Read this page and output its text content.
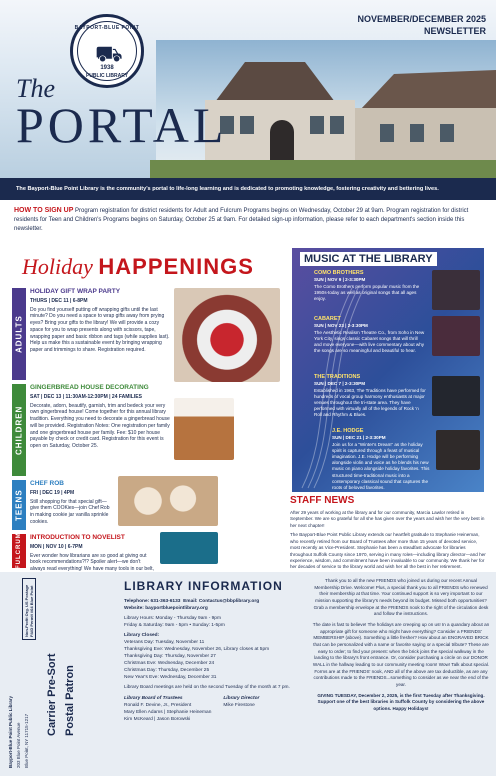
BAYPORT-BLUE POINT
⛟
1938
PUBLIC LIBRARY
The
PORTAL
NOVEMBER/DECEMBER 2025
NEWSLETTER
The Bayport-Blue Point Library is the community's portal to life-long learning and is dedicated to promoting knowledge, fostering creativity and bettering lives.
HOW TO SIGN UP Program registration for district residents for Adult and Fulcrum Programs begins on Wednesday, October 29 at 9am. Program registration for district residents for Teen and Children's Programs begins on Saturday, October 25 at 9am. For detailed sign-up information, please refer to each department's section inside this newsletter.
Holiday HAPPENINGS
ADULTS
CHILDREN
TEENS
FULCRUM
HOLIDAY GIFT WRAP PARTY
THURS | DEC 11 | 6-8PM
Do you find yourself putting off wrapping gifts until the last minute? Do you need a space to wrap gifts away from prying eyes? Bring your gifts to the library! We will provide a cozy space for you to wrap presents along with scissors, tape, wrapping paper and basic ribbon and tags (while supplies last). Help us make this a sustainable event by bringing wrapping paper and trimmings to share. Registration required.
GINGERBREAD HOUSE DECORATING
SAT | DEC 13 | 11:30AM-12:30PM | 24 FAMILIES
Decorate, adorn, beautify, garnish, trim and bedeck your very own gingerbread house! Come together for this annual library tradition. Everything you need to decorate a gingerbread house will be provided. Registration Notes: One registration per family and one gingerbread house per family. Fee: $10 per house payable by check or credit card. Registration for this event is open on Saturday, October 25.
CHEF ROB
FRI | DEC 19 | 4PM
Still shopping for that special gift—give them COOKies—join Chef Rob in making cookie jar vanilla sprinkle cookies.
INTRODUCTION TO NOVELIST
MON | NOV 10 | 6-7PM
Ever wonder how librarians are so good at giving out book recommendations?!? Spoiler alert—we don't always read everything! We have many tools in our belt,
MUSIC AT THE LIBRARY
COMO BROTHERS
SUN | NOV 9 | 2-3:30PM
The Como Brothers perform popular music from the 1950s-today as well as original songs that all ages enjoy.
CABARET
SUN | NOV 23 | 2-3:30PM
The Aesthetic Realism Theatre Co., from Soho in New York City, sings classic Cabaret songs that will thrill and move everyone—with live commentary about why the songs are so meaningful and beautiful to hear.
THE TRADITIONS
SUN | DEC 7 | 2-3:30PM
Established in 1963, The Traditions have performed for hundreds of vocal group harmony enthusiasts at major venues throughout the tri-state area. They have performed with virtually all of the legends of Rock 'n Roll and Rhythm & Blues.
J.E. HODGE
SUN | DEC 21 | 2-3:30PM
Join us for a "Winter's Dream" as the holiday spirit is captured through a feast of musical imagination. J.E. Hodge will be performing alongside violin and voice as he blends his new music on piano alongside holiday favorites. This structured time-traditional music into a contemporary classical sound that captures the roots of beloved favorites.
STAFF NEWS

After 29 years of working at the library and for our community, Marcia Lawlor retired in September. We are so grateful for all she has given over the years and wish her the very best in her next chapter!

The Bayport-Blue Point Public Library extends our heartfelt gratitude to Stephanie Heineman, who recently retired from our Board of Trustees after more than 15 years of devoted service, most recently as Vice-President. Stephanie has been a steadfast advocate for libraries throughout Suffolk County since 1970, serving in many roles—including library director—and her experience, wisdom, and commitment have been invaluable to our community. We thank her for her decades of service to the library world and wish her all the best in her retirement.

Bayport-Blue Point Public Library 203 Blue Point Avenue Blue Point, NY 11715-1217
Non-Profit Org. US Postage PAID Permit #64 Blue Point
Carrier Pre-Sort Postal Patron
LIBRARY INFORMATION
Telephone: 631-363-6133 Email: Contactus@bbplibrary.org
Website: bayportbluepointlibrary.org
Library Hours: Monday - Thursday 9am - 9pm
Friday & Saturday: 9am - 5pm • Sunday: 1-5pm
Library Closed:
Veterans Day: Tuesday, November 11
Thanksgiving Eve: Wednesday, November 26, Library closes at 5pm
Thanksgiving Day: Thursday, November 27
Christmas Eve: Wednesday, December 24
Christmas Day: Thursday, December 25
New Year's Eve: Wednesday, December 31
Library Board meetings are held on the second Tuesday of the month at 7 pm.
Library Board of Trustees
Ronald F. Devine, Jr., President
Mary Ellen Adams | Stephanie Heineman
Kim McKeard | Jason Borowski
Library Director
Mike Firestone

Thank you to all the new FRIENDS who joined us during our recent Annual Membership Drive. Welcome! Plus, a special thank you to all FRIENDS who renewed their membership at that time. Your continued support is so very important to our mission supporting the library's needs beyond its budget. Missed both opportunities? Grab a membership envelope at the FRIENDS nook to the right of the circulation desk and follow the instructions.

The date is fast to believe! The holidays are creeping up on us! In a quandary about an appropriate gift for someone who might have everything? Consider a FRIENDS' MEMBERSHIP (above). Something a little fresher? How about an ENGRAVED BRICK that can be personalized with a name or favorite saying or a special tribute? These are easy to order; to find your present: when the brick joins the special walkway in the landing to the library's front entrance. Or, consider purchasing a circle on our DONOR WALL in the hallway leading to our community meeting room! Wow! Talk about special. Forms are at the FRIENDS' nook, AND all of the above are tax deductible, as are any contributions made to the FRIENDS...something to consider as we near the end of the year.

GIVING TUESDAY, December 2, 2025, is the first Tuesday after Thanksgiving. Support one of the best libraries in Suffolk County by considering the above options. Happy Holidays!
